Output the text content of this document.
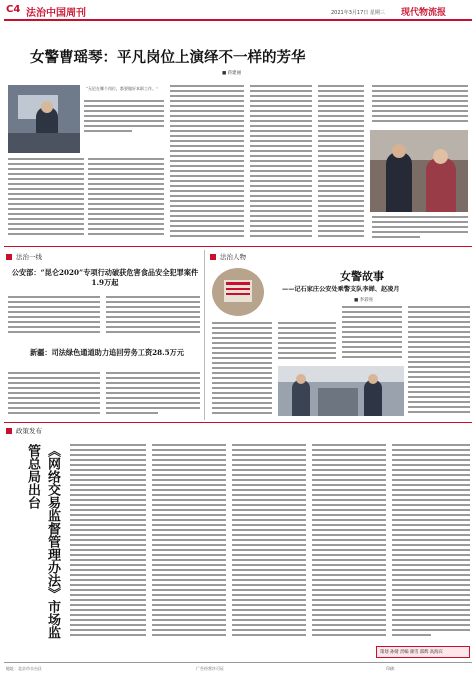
C4 法治中国周刊	2021年3月17日 星期三 现代物流报
女警曹瑶琴：平凡岗位上演绎不一样的芳华
■ 蒋建丽
“无论在哪个岗位，都要做好本职工作。”
法治一线
公安部：“昆仑2020”专项行动破获危害食品安全犯罪案件1.9万起
新疆：司法绿色通道助力追回劳务工资28.5万元
法治人物
女警故事
——记石家庄公安处乘警支队李婵、赵凌月
■ 李彩亮
政策发布
《网络交易监督管理办法》市场监管总局出台
策划 孙婧 责编 颜雪 邵辉 高海宾
地址：北京市丰台区	广告经营许可证	印刷：
